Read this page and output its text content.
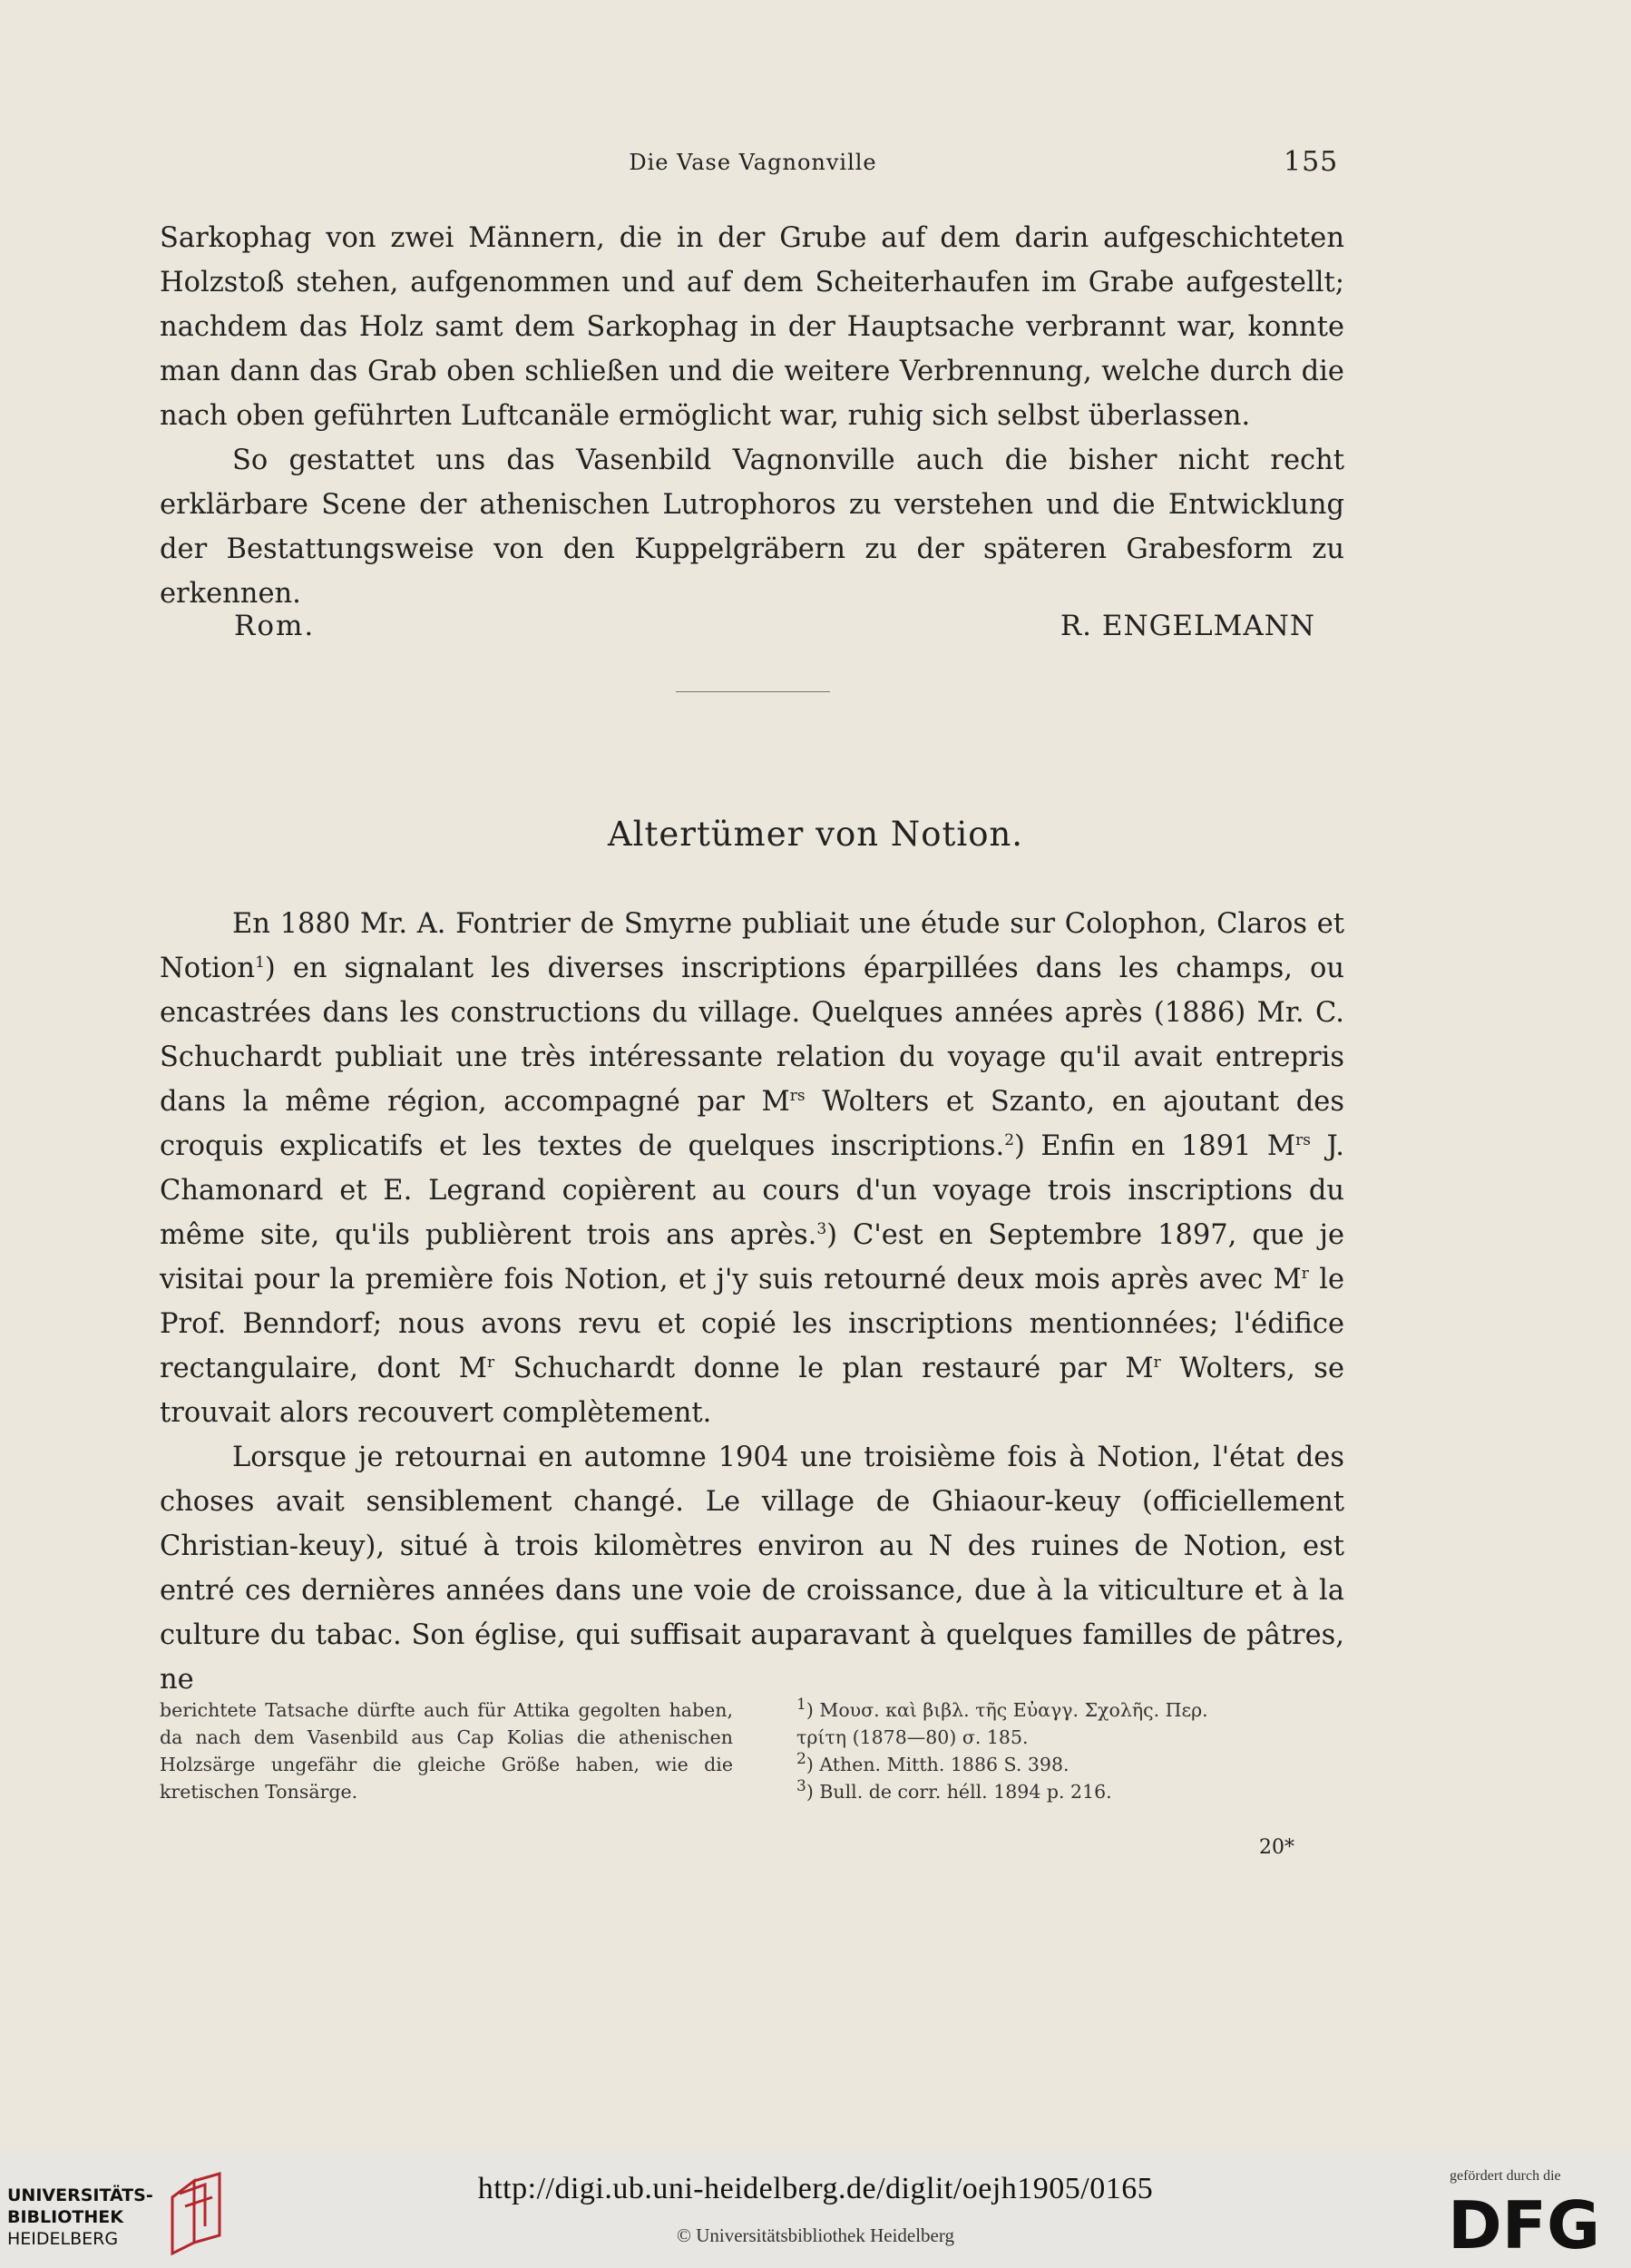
Die Vase Vagnonville	155

Sarkophag von zwei Männern, die in der Grube auf dem darin aufgeschichteten Holzstoß stehen, aufgenommen und auf dem Scheiterhaufen im Grabe aufgestellt; nachdem das Holz samt dem Sarkophag in der Hauptsache verbrannt war, konnte man dann das Grab oben schließen und die weitere Verbrennung, welche durch die nach oben geführten Luftcanäle ermöglicht war, ruhig sich selbst überlassen.

So gestattet uns das Vasenbild Vagnonville auch die bisher nicht recht erklärbare Scene der athenischen Lutrophoros zu verstehen und die Entwicklung der Bestattungsweise von den Kuppelgräbern zu der späteren Grabesform zu erkennen.

Rom.	R. ENGELMANN
Altertümer von Notion.

En 1880 Mr. A. Fontrier de Smyrne publiait une étude sur Colophon, Claros et Notion$^1$) en signalant les diverses inscriptions éparpillées dans les champs, ou encastrées dans les constructions du village. Quelques années après (1886) Mr. C. Schuchardt publiait une très intéressante relation du voyage qu'il avait entrepris dans la même région, accompagné par $M^{rs}$ Wolters et Szanto, en ajoutant des croquis explicatifs et les textes de quelques inscriptions.$^2$) Enfin en 1891 $M^{rs}$ J. Chamonard et E. Legrand copièrent au cours d'un voyage trois inscriptions du même site, qu'ils publièrent trois ans après.$^3$) C'est en Septembre 1897, que je visitai pour la première fois Notion, et j'y suis retourné deux mois après avec $M^r$ le Prof. Benndorf; nous avons revu et copié les inscriptions mentionnées; l'édifice rectangulaire, dont $M^r$ Schuchardt donne le plan restauré par $M^r$ Wolters, se trouvait alors recouvert complètement.

Lorsque je retournai en automne 1904 une troisième fois à Notion, l'état des choses avait sensiblement changé. Le village de Ghiaour-keuy (officiellement Christian-keuy), situé à trois kilomètres environ au N des ruines de Notion, est entré ces dernières années dans une voie de croissance, due à la viticulture et à la culture du tabac. Son église, qui suffisait auparavant à quelques familles de pâtres, ne

berichtete Tatsache dürfte auch für Attika gegolten haben, da nach dem Vasenbild aus Cap Kolias die athenischen Holzsärge ungefähr die gleiche Größe haben, wie die kretischen Tonsärge.
$^1$) Μουσ. καὶ βιβλ. τῆς Εὐαγγ. Σχολῆς. Περ.
τρίτη (1878—80) σ. 185.
$^2$) Athen. Mitth. 1886 S. 398.
$^3$) Bull. de corr. héll. 1894 p. 216.
20*
UNIVERSITÄTS-
BIBLIOTHEK
HEIDELBERG
http://digi.ub.uni-heidelberg.de/diglit/oejh1905/0165
© Universitätsbibliothek Heidelberg
gefördert durch die
DFG
